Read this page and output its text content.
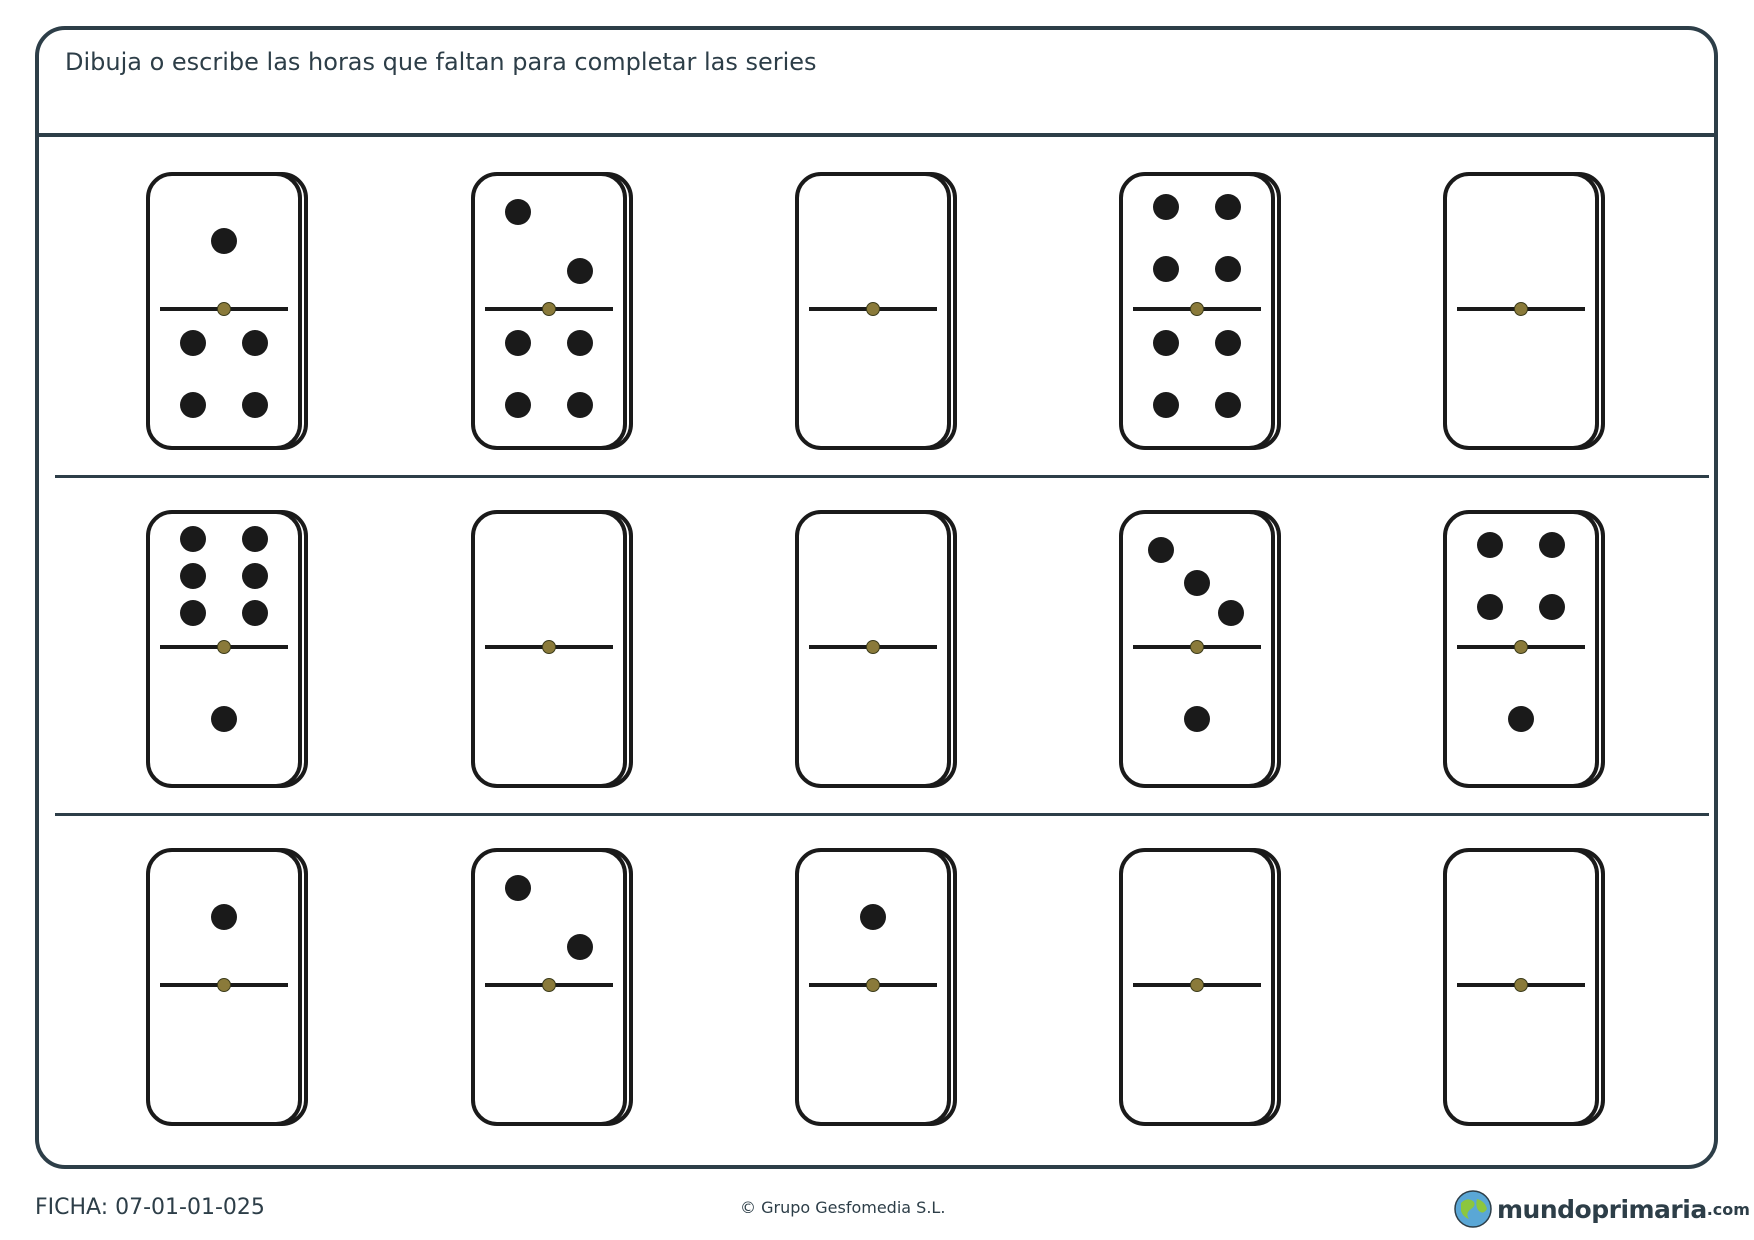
Dibuja o escribe las horas que faltan para completar las series
FICHA: 07-01-01-025	© Grupo Gesfomedia S.L.	mundoprimaria .com
